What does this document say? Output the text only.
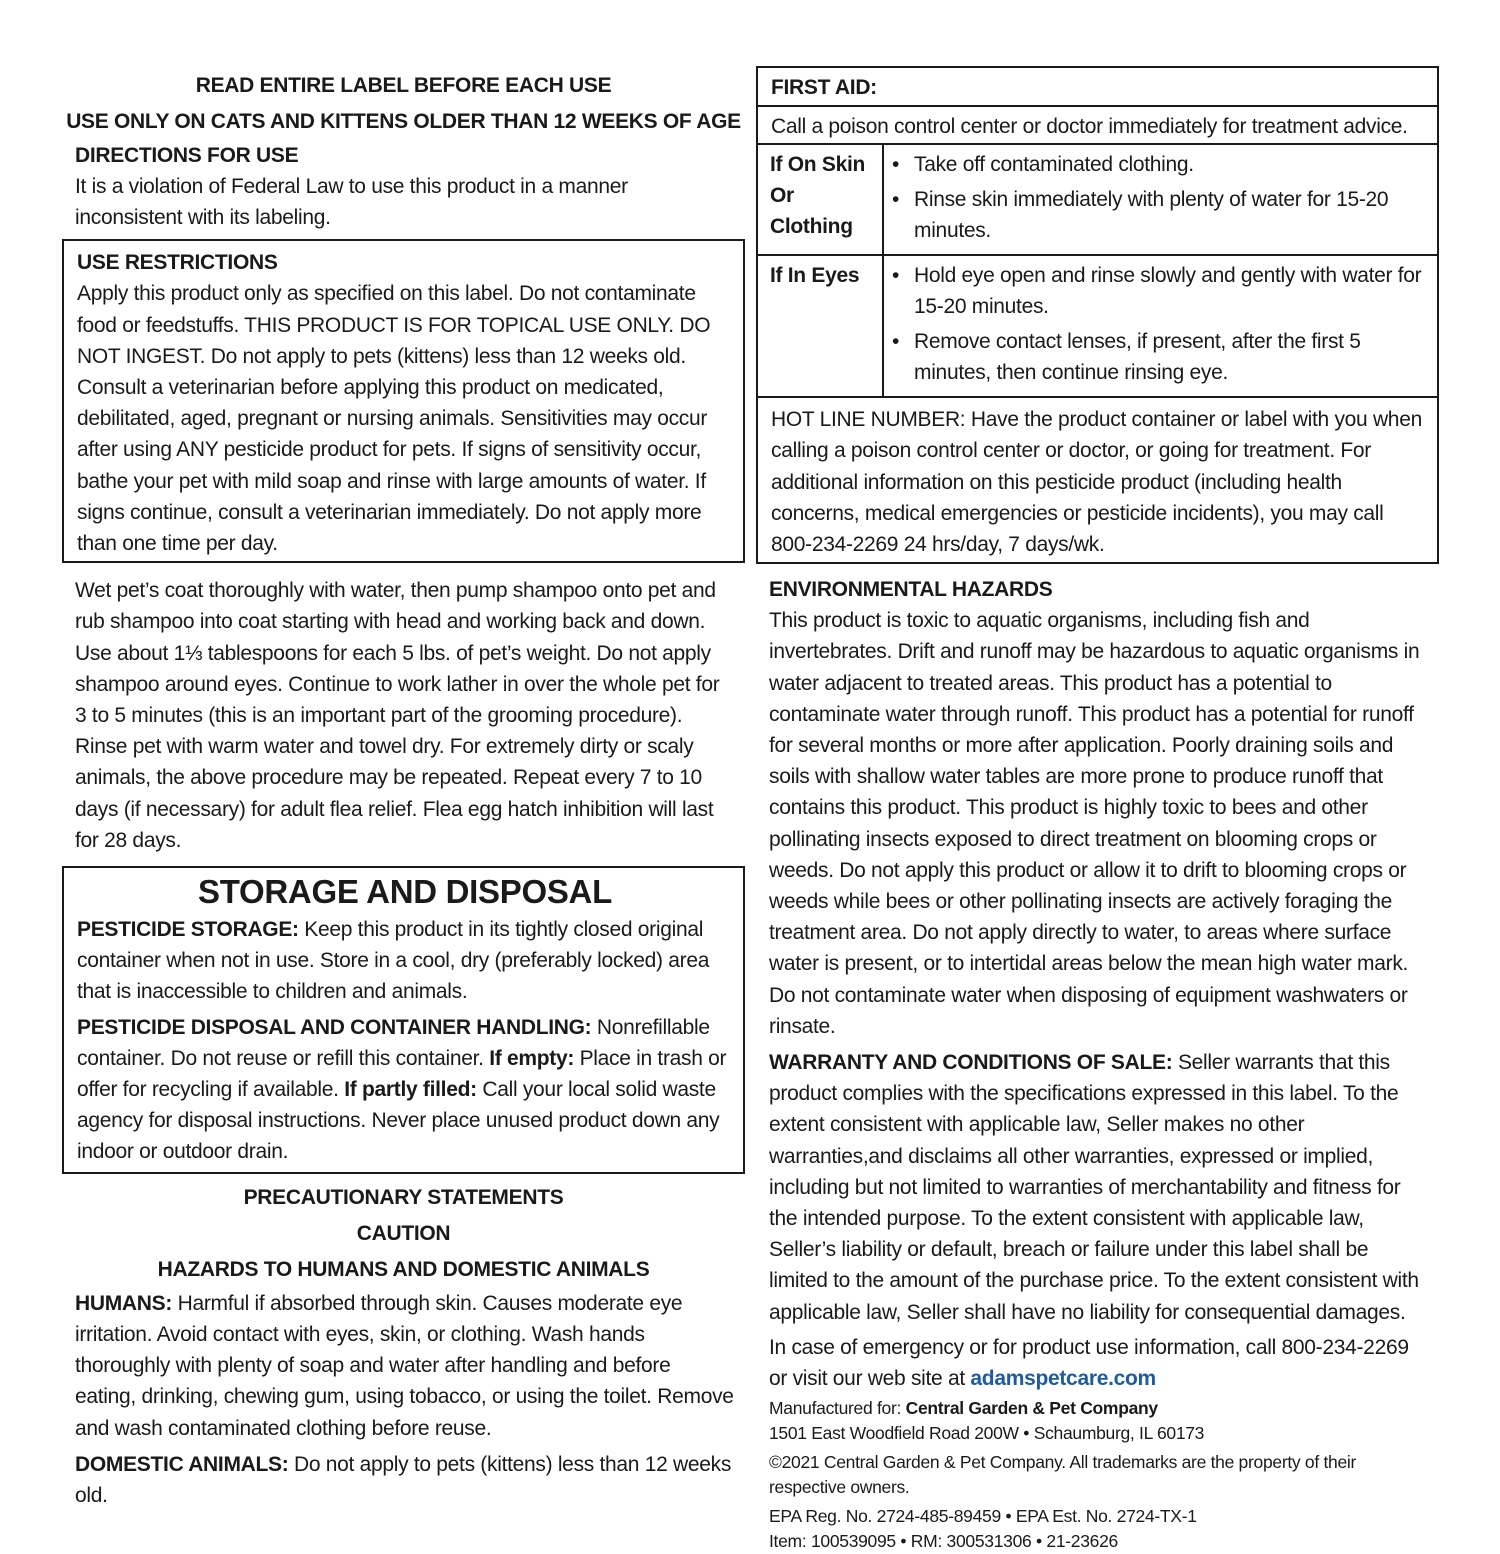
READ ENTIRE LABEL BEFORE EACH USE
USE ONLY ON CATS AND KITTENS OLDER THAN 12 WEEKS OF AGE
DIRECTIONS FOR USE

It is a violation of Federal Law to use this product in a manner inconsistent with its labeling.

USE RESTRICTIONS

Apply this product only as specified on this label. Do not contaminate food or feedstuffs. THIS PRODUCT IS FOR TOPICAL USE ONLY. DO NOT INGEST. Do not apply to pets (kittens) less than 12 weeks old. Consult a veterinarian before applying this product on medicated, debilitated, aged, pregnant or nursing animals. Sensitivities may occur after using ANY pesticide product for pets. If signs of sensitivity occur, bathe your pet with mild soap and rinse with large amounts of water. If signs continue, consult a veterinarian immediately. Do not apply more than one time per day.

Wet pet’s coat thoroughly with water, then pump shampoo onto pet and rub shampoo into coat starting with head and working back and down. Use about 1⅓ tablespoons for each 5 lbs. of pet’s weight. Do not apply shampoo around eyes. Continue to work lather in over the whole pet for 3 to 5 minutes (this is an important part of the grooming procedure). Rinse pet with warm water and towel dry. For extremely dirty or scaly animals, the above procedure may be repeated. Repeat every 7 to 10 days (if necessary) for adult flea relief. Flea egg hatch inhibition will last for 28 days.

STORAGE AND DISPOSAL

PESTICIDE STORAGE: Keep this product in its tightly closed original container when not in use. Store in a cool, dry (preferably locked) area that is inaccessible to children and animals.

PESTICIDE DISPOSAL AND CONTAINER HANDLING: Nonrefillable container. Do not reuse or refill this container. If empty: Place in trash or offer for recycling if available. If partly filled: Call your local solid waste agency for disposal instructions. Never place unused product down any indoor or outdoor drain.

PRECAUTIONARY STATEMENTS
CAUTION
HAZARDS TO HUMANS AND DOMESTIC ANIMALS

HUMANS: Harmful if absorbed through skin. Causes moderate eye irritation. Avoid contact with eyes, skin, or clothing. Wash hands thoroughly with plenty of soap and water after handling and before eating, drinking, chewing gum, using tobacco, or using the toilet. Remove and wash contaminated clothing before reuse.

DOMESTIC ANIMALS: Do not apply to pets (kittens) less than 12 weeks old.

FIRST AID:
Call a poison control center or doctor immediately for treatment advice.
If On Skin Or Clothing
• Take off contaminated clothing.
• Rinse skin immediately with plenty of water for 15-20 minutes.
If In Eyes	• Hold eye open and rinse slowly and gently with water for 15-20 minutes.
• Remove contact lenses, if present, after the first 5 minutes, then continue rinsing eye.
HOT LINE NUMBER: Have the product container or label with you when calling a poison control center or doctor, or going for treatment. For additional information on this pesticide product (including health concerns, medical emergencies or pesticide incidents), you may call 800-234-2269 24 hrs/day, 7 days/wk.
ENVIRONMENTAL HAZARDS

This product is toxic to aquatic organisms, including fish and invertebrates. Drift and runoff may be hazardous to aquatic organisms in water adjacent to treated areas. This product has a potential to contaminate water through runoff. This product has a potential for runoff for several months or more after application. Poorly draining soils and soils with shallow water tables are more prone to produce runoff that contains this product. This product is highly toxic to bees and other pollinating insects exposed to direct treatment on blooming crops or weeds. Do not apply this product or allow it to drift to blooming crops or weeds while bees or other pollinating insects are actively foraging the treatment area. Do not apply directly to water, to areas where surface water is present, or to intertidal areas below the mean high water mark. Do not contaminate water when disposing of equipment washwaters or rinsate.

WARRANTY AND CONDITIONS OF SALE: Seller warrants that this product complies with the specifications expressed in this label. To the extent consistent with applicable law, Seller makes no other warranties,and disclaims all other warranties, expressed or implied, including but not limited to warranties of merchantability and fitness for the intended purpose. To the extent consistent with applicable law, Seller’s liability or default, breach or failure under this label shall be limited to the amount of the purchase price. To the extent consistent with applicable law, Seller shall have no liability for consequential damages.

In case of emergency or for product use information, call 800-234-2269 or visit our web site at adamspetcare.com

Manufactured for: Central Garden & Pet Company

1501 East Woodfield Road 200W • Schaumburg, IL 60173

©2021 Central Garden & Pet Company. All trademarks are the property of their respective owners.

EPA Reg. No. 2724-485-89459 • EPA Est. No. 2724-TX-1

Item: 100539095 • RM: 300531306 • 21-23626
